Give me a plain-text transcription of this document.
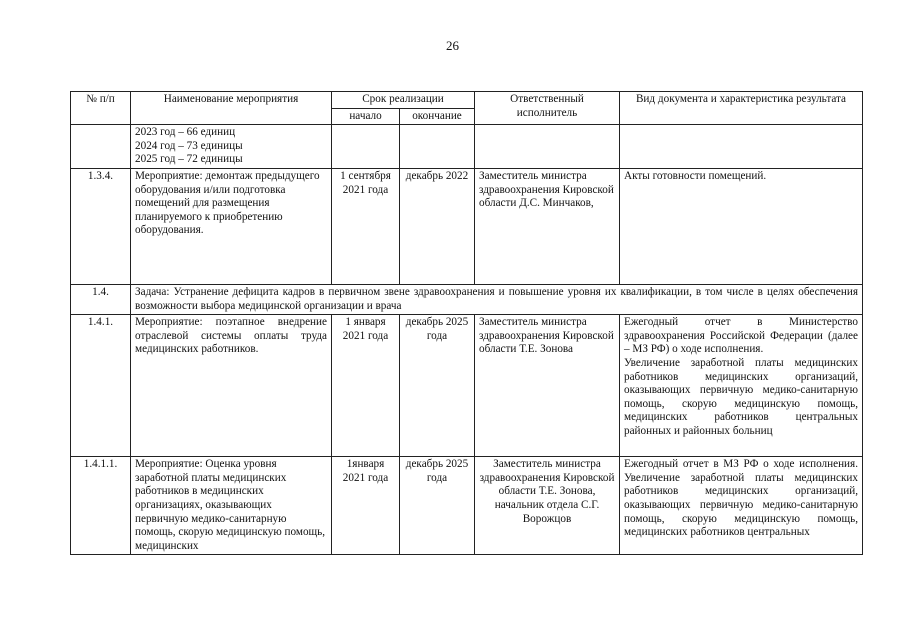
26
№ п/п	Наименование мероприятия	Срок реализации		Ответственный исполнитель	Вид документа и характеристика результата
		начало	окончание		
	2023 год – 66 единиц
2024 год – 73 единицы
2025 год – 72 единицы				
1.3.4.	Мероприятие: демонтаж предыдущего оборудования и/или подготовка помещений для размещения планируемого к приобретению оборудования.	1 сентября 2021 года	декабрь 2022	Заместитель министра здравоохранения Кировской области Д.С. Минчаков,	Акты готовности помещений.
1.4.	Задача: Устранение дефицита кадров в первичном звене здравоохранения и повышение уровня их квалификации, в том числе в целях обеспечения возможности выбора медицинской организации и врача				
1.4.1.	Мероприятие: поэтапное внедрение отраслевой системы оплаты труда медицинских работников.	1 января 2021 года	декабрь 2025 года	Заместитель министра здравоохранения Кировской области Т.Е. Зонова	Ежегодный отчет в Министерство здравоохранения Российской Федерации (далее – МЗ РФ) о ходе исполнения.
Увеличение заработной платы медицинских работников медицинских организаций, оказывающих первичную медико-санитарную помощь, скорую медицинскую помощь, медицинских работников центральных районных и районных больниц

1.4.1.1.	Мероприятие: Оценка уровня заработной платы медицинских работников в медицинских организациях, оказывающих первичную медико-санитарную помощь, скорую медицинскую помощь, медицинских	1января 2021 года	декабрь 2025 года	Заместитель министра здравоохранения Кировской области Т.Е. Зонова, начальник отдела С.Г. Ворожцов	Ежегодный отчет в МЗ РФ о ходе исполнения. Увеличение заработной платы медицинских работников медицинских организаций, оказывающих первичную медико-санитарную помощь, скорую медицинскую помощь, медицинских работников центральных
